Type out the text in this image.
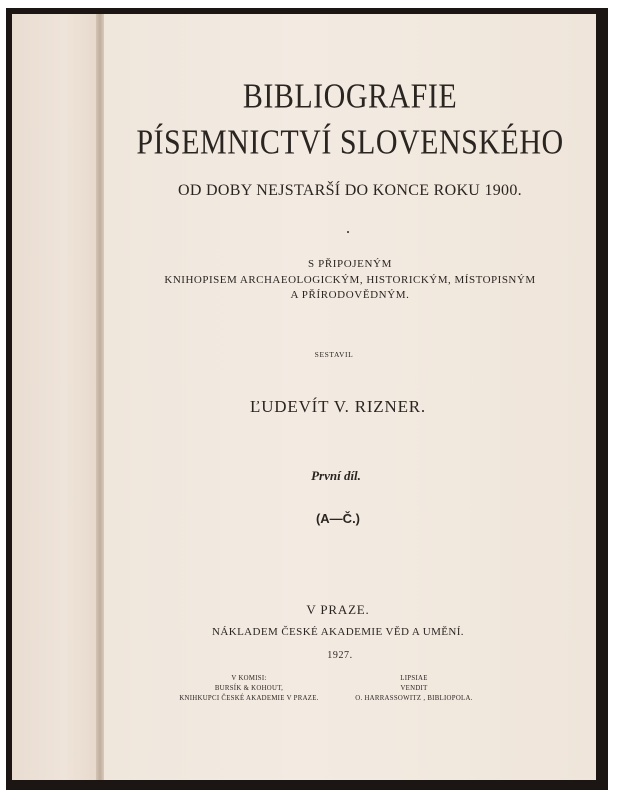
BIBLIOGRAFIE
PÍSEMNICTVÍ SLOVENSKÉHO
OD DOBY NEJSTARŠÍ DO KONCE ROKU 1900.
•
S PŘIPOJENÝM
KNIHOPISEM ARCHAEOLOGICKÝM, HISTORICKÝM, MÍSTOPISNÝM
A PŘÍRODOVĚDNÝM.
SESTAVIL
ĽUDEVÍT V. RIZNER.
První díl.
(A—Č.)
V PRAZE.
NÁKLADEM ČESKÉ AKADEMIE VĚD A UMĚNÍ.
1927.
V KOMISI:
BURSÍK & KOHOUT,
KNIHKUPCI ČESKÉ AKADEMIE V PRAZE.
LIPSIAE
VENDIT
O. HARRASSOWITZ , BIBLIOPOLA.
